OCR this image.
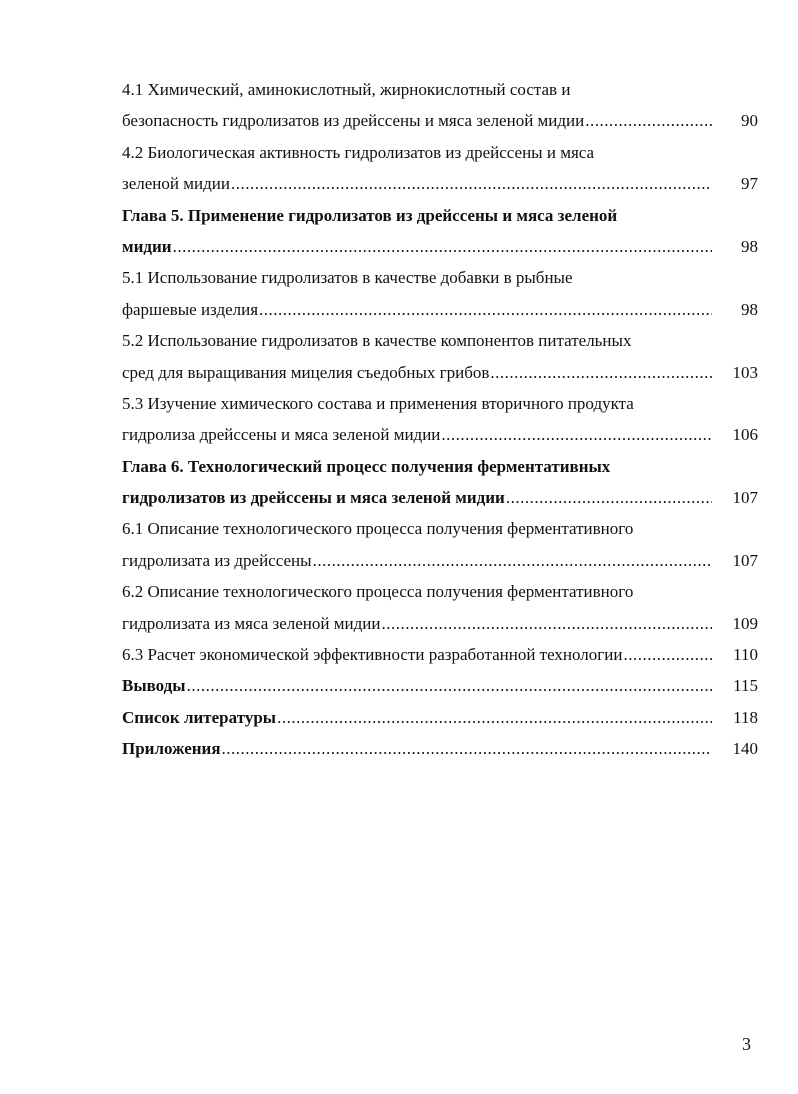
4.1 Химический, аминокислотный, жирнокислотный состав и
безопасность гидролизатов из дрейссены и мяса зеленой мидии .....	90
4.2 Биологическая активность гидролизатов из дрейссены и мяса
зеленой мидии .....	97
Глава 5. Применение гидролизатов из дрейссены и мяса зеленой
мидии .....	98
5.1 Использование гидролизатов в качестве добавки в рыбные
фаршевые изделия .....	98
5.2 Использование гидролизатов в качестве компонентов питательных
сред для выращивания мицелия съедобных грибов .....	103
5.3 Изучение химического состава и применения вторичного продукта
гидролиза дрейссены и мяса зеленой мидии .....	106
Глава 6. Технологический процесс получения ферментативных
гидролизатов из дрейссены и мяса зеленой мидии .....	107
6.1 Описание технологического процесса получения ферментативного
гидролизата из дрейссены .....	107
6.2 Описание технологического процесса получения ферментативного
гидролизата из мяса зеленой мидии .....	109
6.3 Расчет экономической эффективности разработанной технологии .....	110
Выводы .....	115
Список литературы .....	118
Приложения .....	140
3
